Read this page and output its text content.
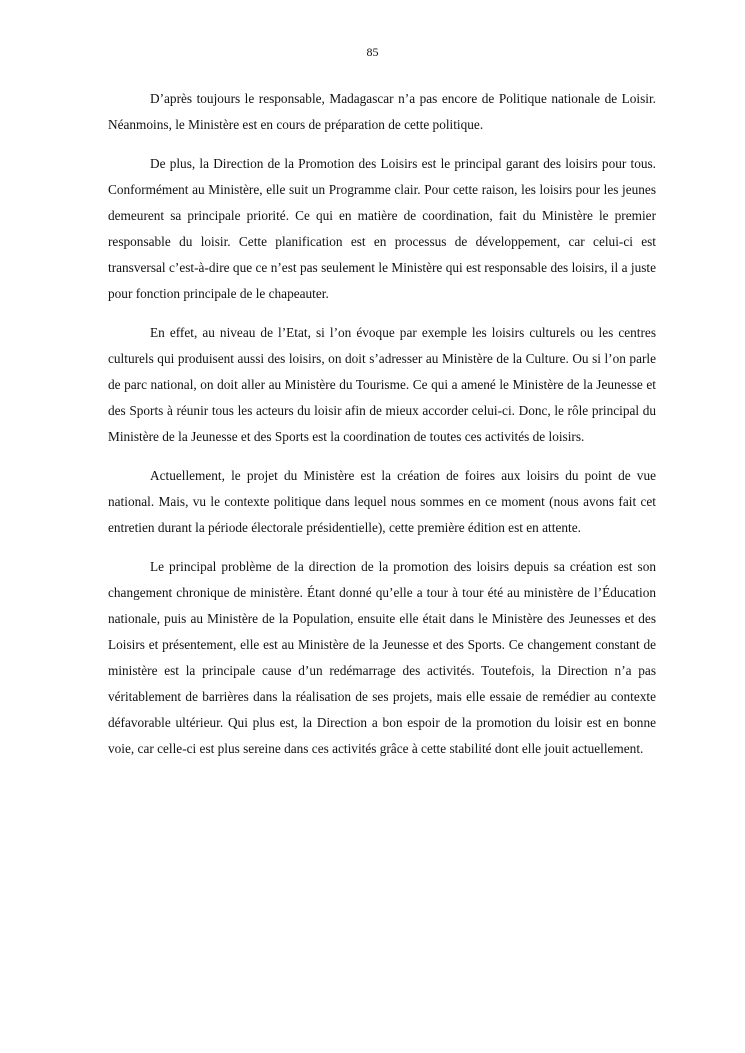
85

D’après toujours le responsable, Madagascar n’a pas encore de Politique nationale de Loisir. Néanmoins, le Ministère est en cours de préparation de cette politique.

De plus, la Direction de la Promotion des Loisirs est le principal garant des loisirs pour tous. Conformément au Ministère, elle suit un Programme clair. Pour cette raison, les loisirs pour les jeunes demeurent sa principale priorité. Ce qui en matière de coordination, fait du Ministère le premier responsable du loisir. Cette planification est en processus de développement, car celui-ci est transversal c’est-à-dire que ce n’est pas seulement le Ministère qui est responsable des loisirs, il a juste pour fonction principale de le chapeauter.

En effet, au niveau de l’Etat, si l’on évoque par exemple les loisirs culturels ou les centres culturels qui produisent aussi des loisirs, on doit s’adresser au Ministère de la Culture. Ou si l’on parle de parc national, on doit aller au Ministère du Tourisme. Ce qui a amené le Ministère de la Jeunesse et des Sports à réunir tous les acteurs du loisir afin de mieux accorder celui-ci. Donc, le rôle principal du Ministère de la Jeunesse et des Sports est la coordination de toutes ces activités de loisirs.

Actuellement, le projet du Ministère est la création de foires aux loisirs du point de vue national. Mais, vu le contexte politique dans lequel nous sommes en ce moment (nous avons fait cet entretien durant la période électorale présidentielle), cette première édition est en attente.

Le principal problème de la direction de la promotion des loisirs depuis sa création est son changement chronique de ministère. Étant donné qu’elle a tour à tour été au ministère de l’Éducation nationale, puis au Ministère de la Population, ensuite elle était dans le Ministère des Jeunesses et des Loisirs et présentement, elle est au Ministère de la Jeunesse et des Sports. Ce changement constant de ministère est la principale cause d’un redémarrage des activités. Toutefois, la Direction n’a pas véritablement de barrières dans la réalisation de ses projets, mais elle essaie de remédier au contexte défavorable ultérieur. Qui plus est, la Direction a bon espoir de la promotion du loisir est en bonne voie, car celle-ci est plus sereine dans ces activités grâce à cette stabilité dont elle jouit actuellement.
